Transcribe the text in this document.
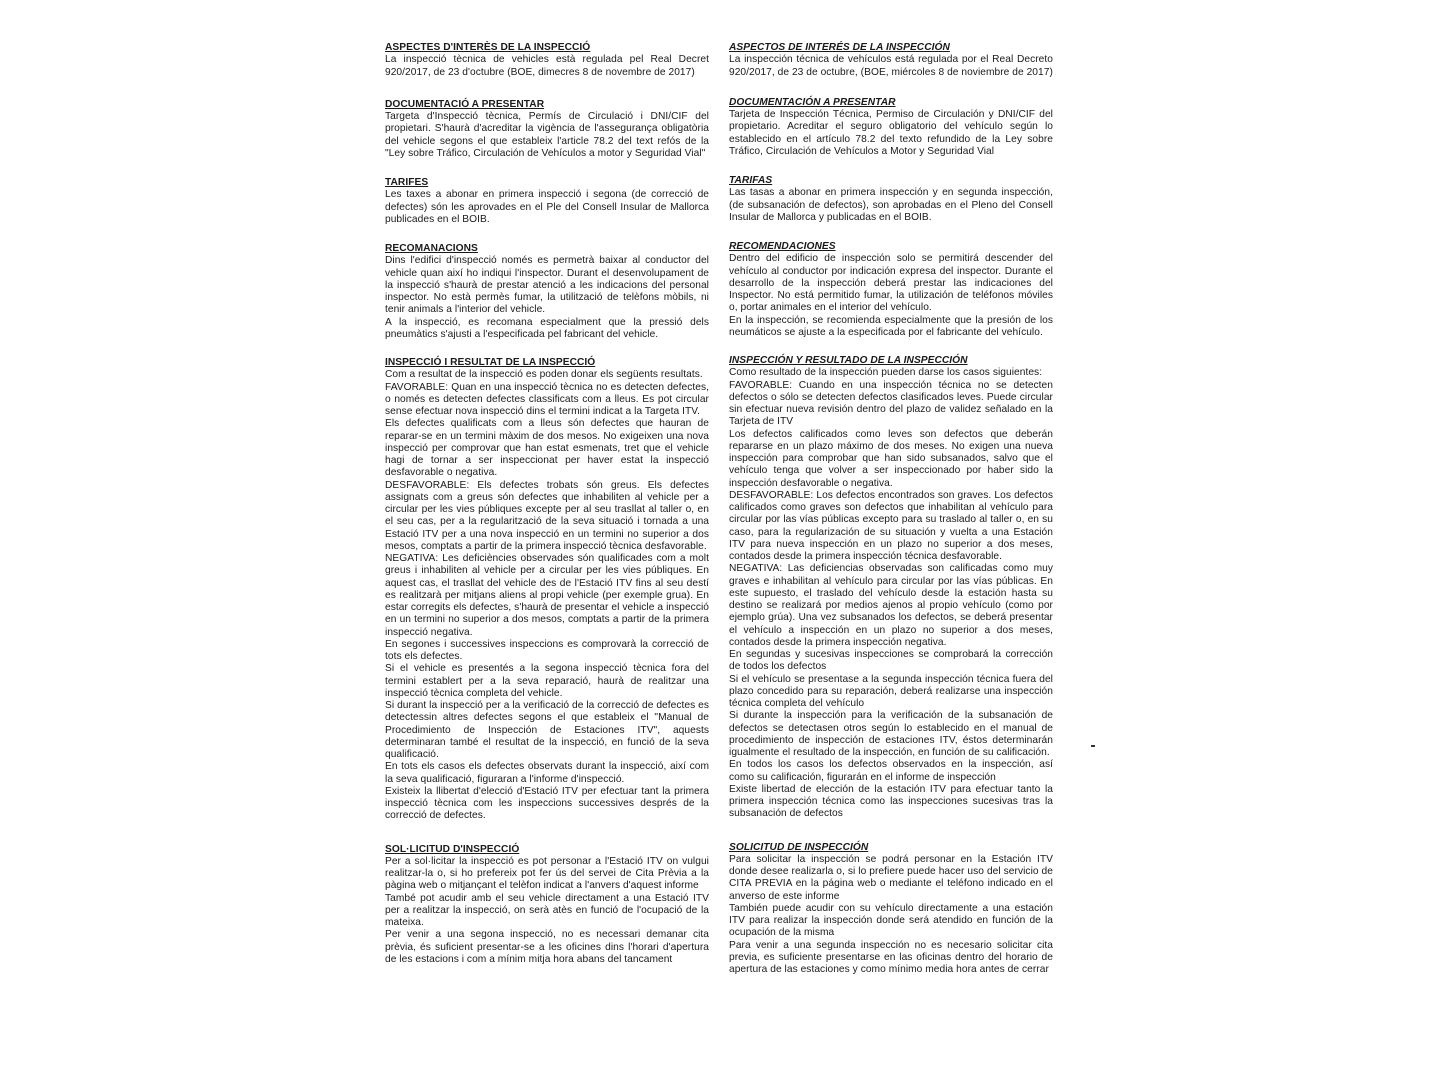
ASPECTES D'INTERÈS DE LA INSPECCIÓ

La inspecció tècnica de vehicles està regulada pel Real Decret 920/2017, de 23 d'octubre (BOE, dimecres 8 de novembre de 2017)

DOCUMENTACIÓ A PRESENTAR

Targeta d'Inspecció tècnica, Permís de Circulació i DNI/CIF del propietari. S'haurà d'acreditar la vigència de l'assegurança obligatòria del vehicle segons el que estableix l'article 78.2 del text refós de la "Ley sobre Tráfico, Circulación de Vehículos a motor y Seguridad Vial"

TARIFES

Les taxes a abonar en primera inspecció i segona (de correcció de defectes) són les aprovades en el Ple del Consell Insular de Mallorca publicades en el BOIB.

RECOMANACIONS

Dins l'edifici d'inspecció només es permetrà baixar al conductor del vehicle quan així ho indiqui l'inspector. Durant el desenvolupament de la inspecció s'haurà de prestar atenció a les indicacions del personal inspector. No està permès fumar, la utilització de telèfons mòbils, ni tenir animals a l'interior del vehicle.

A la inspecció, es recomana especialment que la pressió dels pneumàtics s'ajusti a l'especificada pel fabricant del vehicle.

INSPECCIÓ I RESULTAT DE LA INSPECCIÓ

Com a resultat de la inspecció es poden donar els següents resultats.

FAVORABLE: Quan en una inspecció tècnica no es detecten defectes, o només es detecten defectes classificats com a lleus. Es pot circular sense efectuar nova inspecció dins el termini indicat a la Targeta ITV.

Els defectes qualificats com a lleus són defectes que hauran de reparar-se en un termini màxim de dos mesos. No exigeixen una nova inspecció per comprovar que han estat esmenats, tret que el vehicle hagi de tornar a ser inspeccionat per haver estat la inspecció desfavorable o negativa.

DESFAVORABLE: Els defectes trobats són greus. Els defectes assignats com a greus són defectes que inhabiliten al vehicle per a circular per les vies públiques excepte per al seu trasllat al taller o, en el seu cas, per a la regularització de la seva situació i tornada a una Estació ITV per a una nova inspecció en un termini no superior a dos mesos, comptats a partir de la primera inspecció tècnica desfavorable.

NEGATIVA: Les deficiències observades són qualificades com a molt greus i inhabiliten al vehicle per a circular per les vies públiques. En aquest cas, el trasllat del vehicle des de l'Estació ITV fins al seu destí es realitzarà per mitjans aliens al propi vehicle (per exemple grua). En estar corregits els defectes, s'haurà de presentar el vehicle a inspecció en un termini no superior a dos mesos, comptats a partir de la primera inspecció negativa.

En segones i successives inspeccions es comprovarà la correcció de tots els defectes.

Si el vehicle es presentés a la segona inspecció tècnica fora del termini establert per a la seva reparació, haurà de realitzar una inspecció tècnica completa del vehicle.

Si durant la inspecció per a la verificació de la correcció de defectes es detectessin altres defectes segons el que estableix el "Manual de Procedimiento de Inspección de Estaciones ITV", aquests determinaran també el resultat de la inspecció, en funció de la seva qualificació.

En tots els casos els defectes observats durant la inspecció, així com la seva qualificació, figuraran a l'informe d'inspecció.

Existeix la llibertat d'elecció d'Estació ITV per efectuar tant la primera inspecció tècnica com les inspeccions successives després de la correcció de defectes.

SOL·LICITUD D'INSPECCIÓ

Per a sol·licitar la inspecció es pot personar a l'Estació ITV on vulgui realitzar-la o, si ho prefereix pot fer ús del servei de Cita Prèvia a la pàgina web o mitjançant el telèfon indicat a l'anvers d'aquest informe

També pot acudir amb el seu vehicle directament a una Estació ITV per a realitzar la inspecció, on serà atès en funció de l'ocupació de la mateixa.

Per venir a una segona inspecció, no es necessari demanar cita prèvia, és suficient presentar-se a les oficines dins l'horari d'apertura de les estacions i com a mínim mitja hora abans del tancament

ASPECTOS DE INTERÉS DE LA INSPECCIÓN

La inspección técnica de vehículos está regulada por el Real Decreto 920/2017, de 23 de octubre, (BOE, miércoles 8 de noviembre de 2017)

DOCUMENTACIÓN A PRESENTAR

Tarjeta de Inspección Técnica, Permiso de Circulación y DNI/CIF del propietario. Acreditar el seguro obligatorio del vehículo según lo establecido en el artículo 78.2 del texto refundido de la Ley sobre Tráfico, Circulación de Vehículos a Motor y Seguridad Vial

TARIFAS

Las tasas a abonar en primera inspección y en segunda inspección, (de subsanación de defectos), son aprobadas en el Pleno del Consell Insular de Mallorca y publicadas en el BOIB.

RECOMENDACIONES

Dentro del edificio de inspección solo se permitirá descender del vehículo al conductor por indicación expresa del inspector. Durante el desarrollo de la inspección deberá prestar las indicaciones del Inspector. No está permitido fumar, la utilización de teléfonos móviles o, portar animales en el interior del vehículo.

En la inspección, se recomienda especialmente que la presión de los neumáticos se ajuste a la especificada por el fabricante del vehículo.

INSPECCIÓN Y RESULTADO DE LA INSPECCIÓN

Como resultado de la inspección pueden darse los casos siguientes:

FAVORABLE: Cuando en una inspección técnica no se detecten defectos o sólo se detecten defectos clasificados leves. Puede circular sin efectuar nueva revisión dentro del plazo de validez señalado en la Tarjeta de ITV

Los defectos calificados como leves son defectos que deberán repararse en un plazo máximo de dos meses. No exigen una nueva inspección para comprobar que han sido subsanados, salvo que el vehículo tenga que volver a ser inspeccionado por haber sido la inspección desfavorable o negativa.

DESFAVORABLE: Los defectos encontrados son graves. Los defectos calificados como graves son defectos que inhabilitan al vehículo para circular por las vías públicas excepto para su traslado al taller o, en su caso, para la regularización de su situación y vuelta a una Estación ITV para nueva inspección en un plazo no superior a dos meses, contados desde la primera inspección técnica desfavorable.

NEGATIVA: Las deficiencias observadas son calificadas como muy graves e inhabilitan al vehículo para circular por las vías públicas. En este supuesto, el traslado del vehículo desde la estación hasta su destino se realizará por medios ajenos al propio vehículo (como por ejemplo grúa). Una vez subsanados los defectos, se deberá presentar el vehículo a inspección en un plazo no superior a dos meses, contados desde la primera inspección negativa.

En segundas y sucesivas inspecciones se comprobará la corrección de todos los defectos

Si el vehículo se presentase a la segunda inspección técnica fuera del plazo concedido para su reparación, deberá realizarse una inspección técnica completa del vehículo

Si durante la inspección para la verificación de la subsanación de defectos se detectasen otros según lo establecido en el manual de procedimiento de inspección de estaciones ITV, éstos determinarán igualmente el resultado de la inspección, en función de su calificación.

En todos los casos los defectos observados en la inspección, así como su calificación, figurarán en el informe de inspección

Existe libertad de elección de la estación ITV para efectuar tanto la primera inspección técnica como las inspecciones sucesivas tras la subsanación de defectos

SOLICITUD DE INSPECCIÓN

Para solicitar la inspección se podrá personar en la Estación ITV donde desee realizarla o, si lo prefiere puede hacer uso del servicio de CITA PREVIA en la página web o mediante el teléfono indicado en el anverso de este informe

También puede acudir con su vehículo directamente a una estación ITV para realizar la inspección donde será atendido en función de la ocupación de la misma

Para venir a una segunda inspección no es necesario solicitar cita previa, es suficiente presentarse en las oficinas dentro del horario de apertura de las estaciones y como mínimo media hora antes de cerrar
